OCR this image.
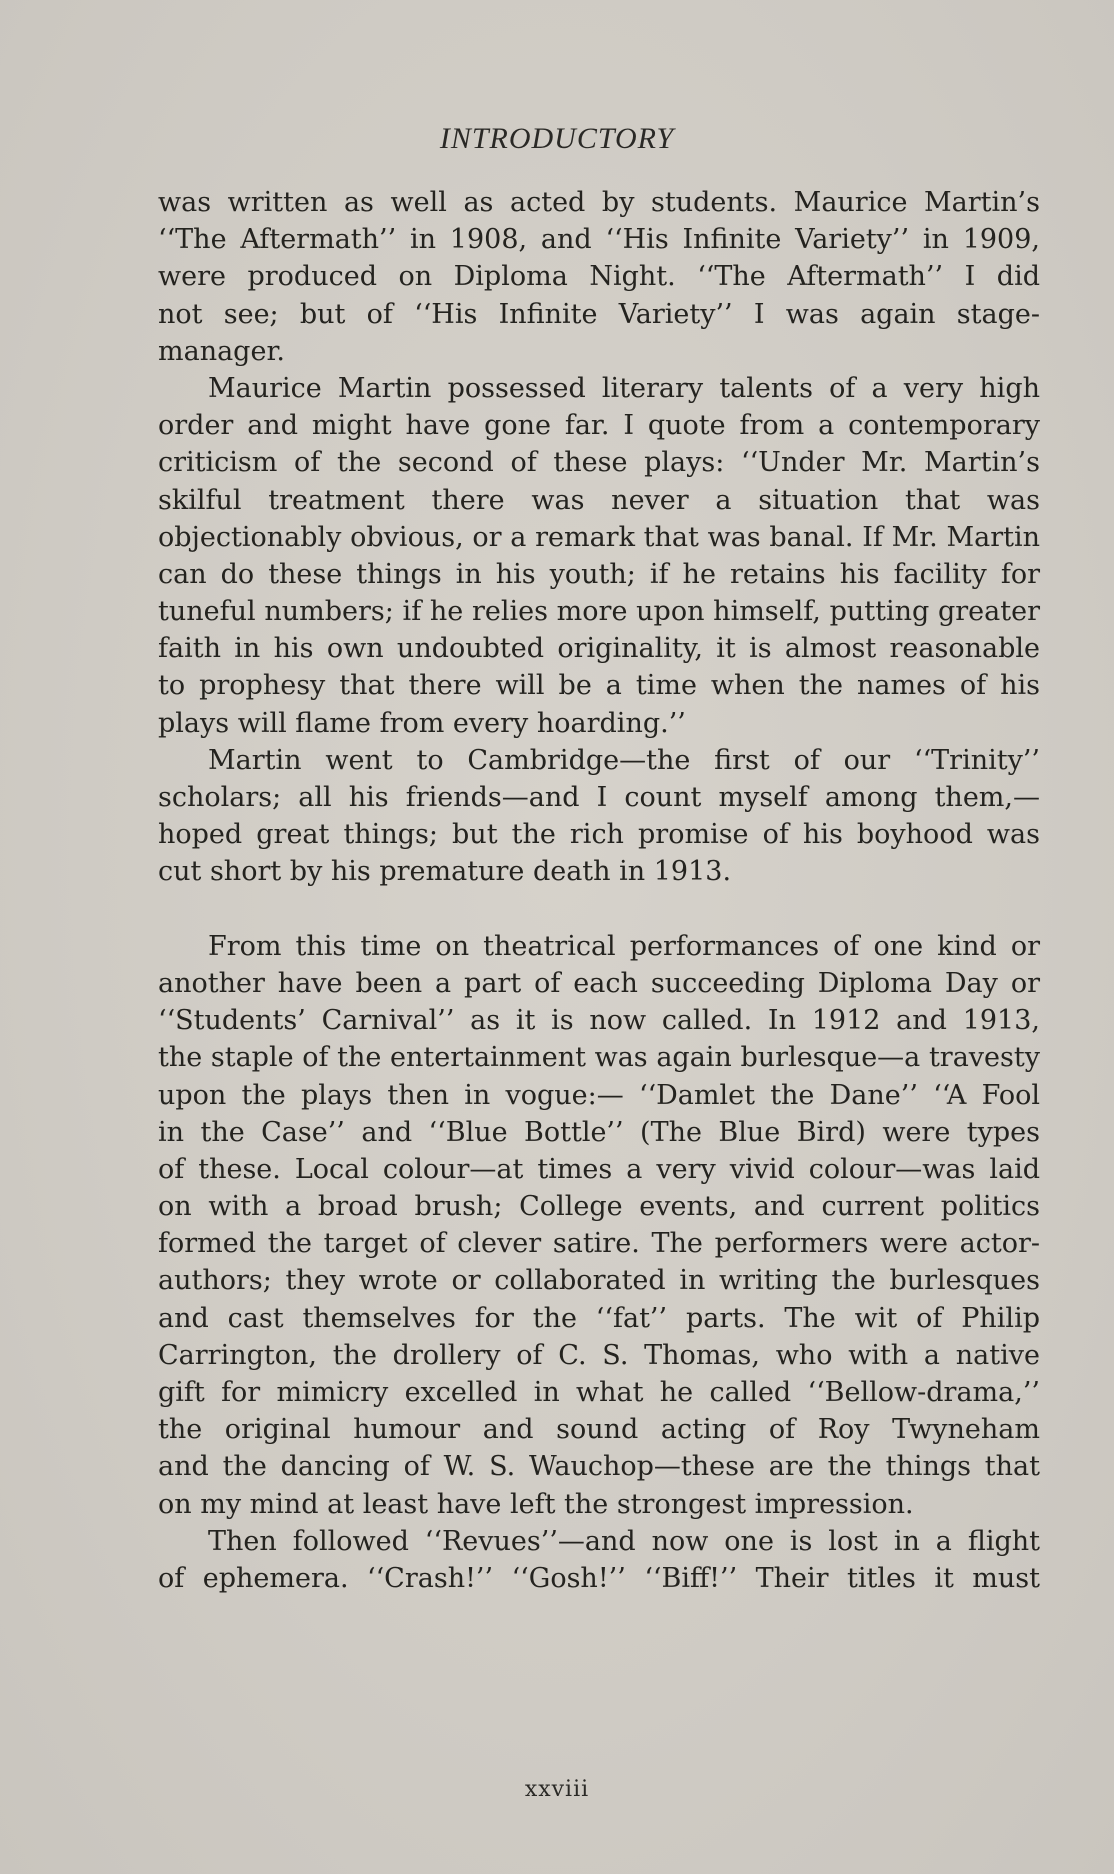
INTRODUCTORY
was written as well as acted by students. Maurice Martin’s
‘‘The Aftermath’’ in 1908, and ‘‘His Infinite Variety’’ in 1909,
were produced on Diploma Night. ‘‘The Aftermath’’ I did
not see; but of ‘‘His Infinite Variety’’ I was again stage-
manager.
Maurice Martin possessed literary talents of a very high
order and might have gone far. I quote from a contemporary
criticism of the second of these plays: ‘‘Under Mr. Martin’s
skilful treatment there was never a situation that was
objectionably obvious, or a remark that was banal. If Mr. Martin
can do these things in his youth; if he retains his facility for
tuneful numbers; if he relies more upon himself, putting greater
faith in his own undoubted originality, it is almost reasonable
to prophesy that there will be a time when the names of his
plays will flame from every hoarding.’’
Martin went to Cambridge—the first of our ‘‘Trinity’’
scholars; all his friends—and I count myself among them,—
hoped great things; but the rich promise of his boyhood was
cut short by his premature death in 1913.
From this time on theatrical performances of one kind or
another have been a part of each succeeding Diploma Day or
‘‘Students’ Carnival’’ as it is now called. In 1912 and 1913,
the staple of the entertainment was again burlesque—a travesty
upon the plays then in vogue:— ‘‘Damlet the Dane’’ ‘‘A Fool
in the Case’’ and ‘‘Blue Bottle’’ (The Blue Bird) were types
of these. Local colour—at times a very vivid colour—was laid
on with a broad brush; College events, and current politics
formed the target of clever satire. The performers were actor-
authors; they wrote or collaborated in writing the burlesques
and cast themselves for the ‘‘fat’’ parts. The wit of Philip
Carrington, the drollery of C. S. Thomas, who with a native
gift for mimicry excelled in what he called ‘‘Bellow-drama,’’
the original humour and sound acting of Roy Twyneham
and the dancing of W. S. Wauchop—these are the things that
on my mind at least have left the strongest impression.
Then followed ‘‘Revues’’—and now one is lost in a flight
of ephemera. ‘‘Crash!’’ ‘‘Gosh!’’ ‘‘Biff!’’ Their titles it must
xxviii
